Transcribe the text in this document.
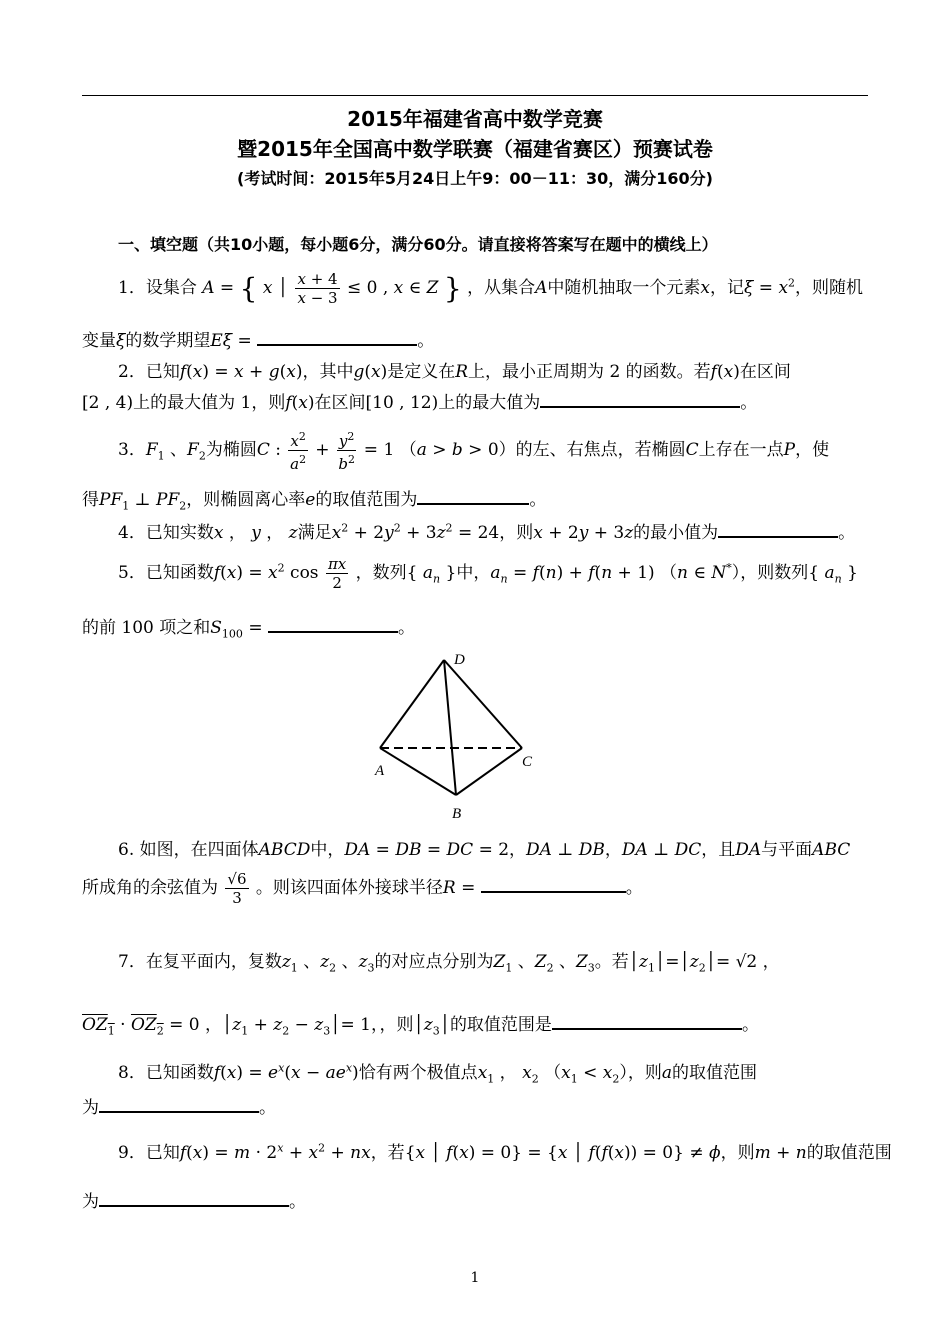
2015年福建省高中数学竞赛
暨2015年全国高中数学联赛（福建省赛区）预赛试卷
(考试时间：2015年5月24日上午9：00－11：30，满分160分)
一、填空题（共10小题，每小题6分，满分60分。请直接将答案写在题中的横线上）
1．设集合 A = { x │ $\frac{x + 4}{x - 3} \le 0$ , x ∈ Z } ，从集合A中随机抽取一个元素x，记$\xi = x^2$，则随机
变量ξ的数学期望Eξ =	。
2．已知f(x) = x + g(x)，其中g(x)是定义在R上，最小正周期为 2 的函数。若f(x)在区间
[2 , 4)上的最大值为 1，则f(x)在区间[10 , 12)上的最大值为	。
3．$F_1$ 、$F_2$为椭圆C : $\frac{x^2}{a^2} + \frac{y^2}{b^2} = 1$ （a > b > 0）的左、右焦点，若椭圆C上存在一点P，使
得$PF_1$ ⊥ $PF_2$，则椭圆离心率e的取值范围为	。
4．已知实数x ， y ， z满足$x^2 + 2y^2 + 3z^2 = 24$，则x + 2y + 3z的最小值为	。
5．已知函数$f(x) = x^2$ $\cos \frac{\pi x}{2}$ ，数列{ $a_n$ }中，$a_n = f(n) + f(n + 1)$ （n ∈ N*），则数列{ $a_n$ }
的前 100 项之和$S_{100}$ =	。
D
A
B
C
6. 如图，在四面体ABCD中，DA = DB = DC = 2，DA ⊥ DB，DA ⊥ DC，且DA与平面ABC
所成角的余弦值为 $\frac{√6}{3}$ 。则该四面体外接球半径R =	。
7．在复平面内，复数$z_1$ 、$z_2$ 、$z_3$的对应点分别为$Z_1$ 、$Z_2$ 、$Z_3$。若$│z_1│=│z_2│= √2$ ，
$OZ_1 \cdot OZ_2 = 0$ ，$│z_1 + z_2$ − $z_3│= 1$，，则$│z_3│$的取值范围是	。
8．已知函数$f(x) = e^x(x - ae^x)$恰有两个极值点$x_1$ ， $x_2$ $(x_1 < x_2)$，则a的取值范围
为	。
9．已知$f(x) = m \cdot 2^x + x^2$ + nx，若{x │ f(x) = 0} = {x │ f(f(x)) = 0} ≠ ϕ，则m + n的取值范围
为	。
1
